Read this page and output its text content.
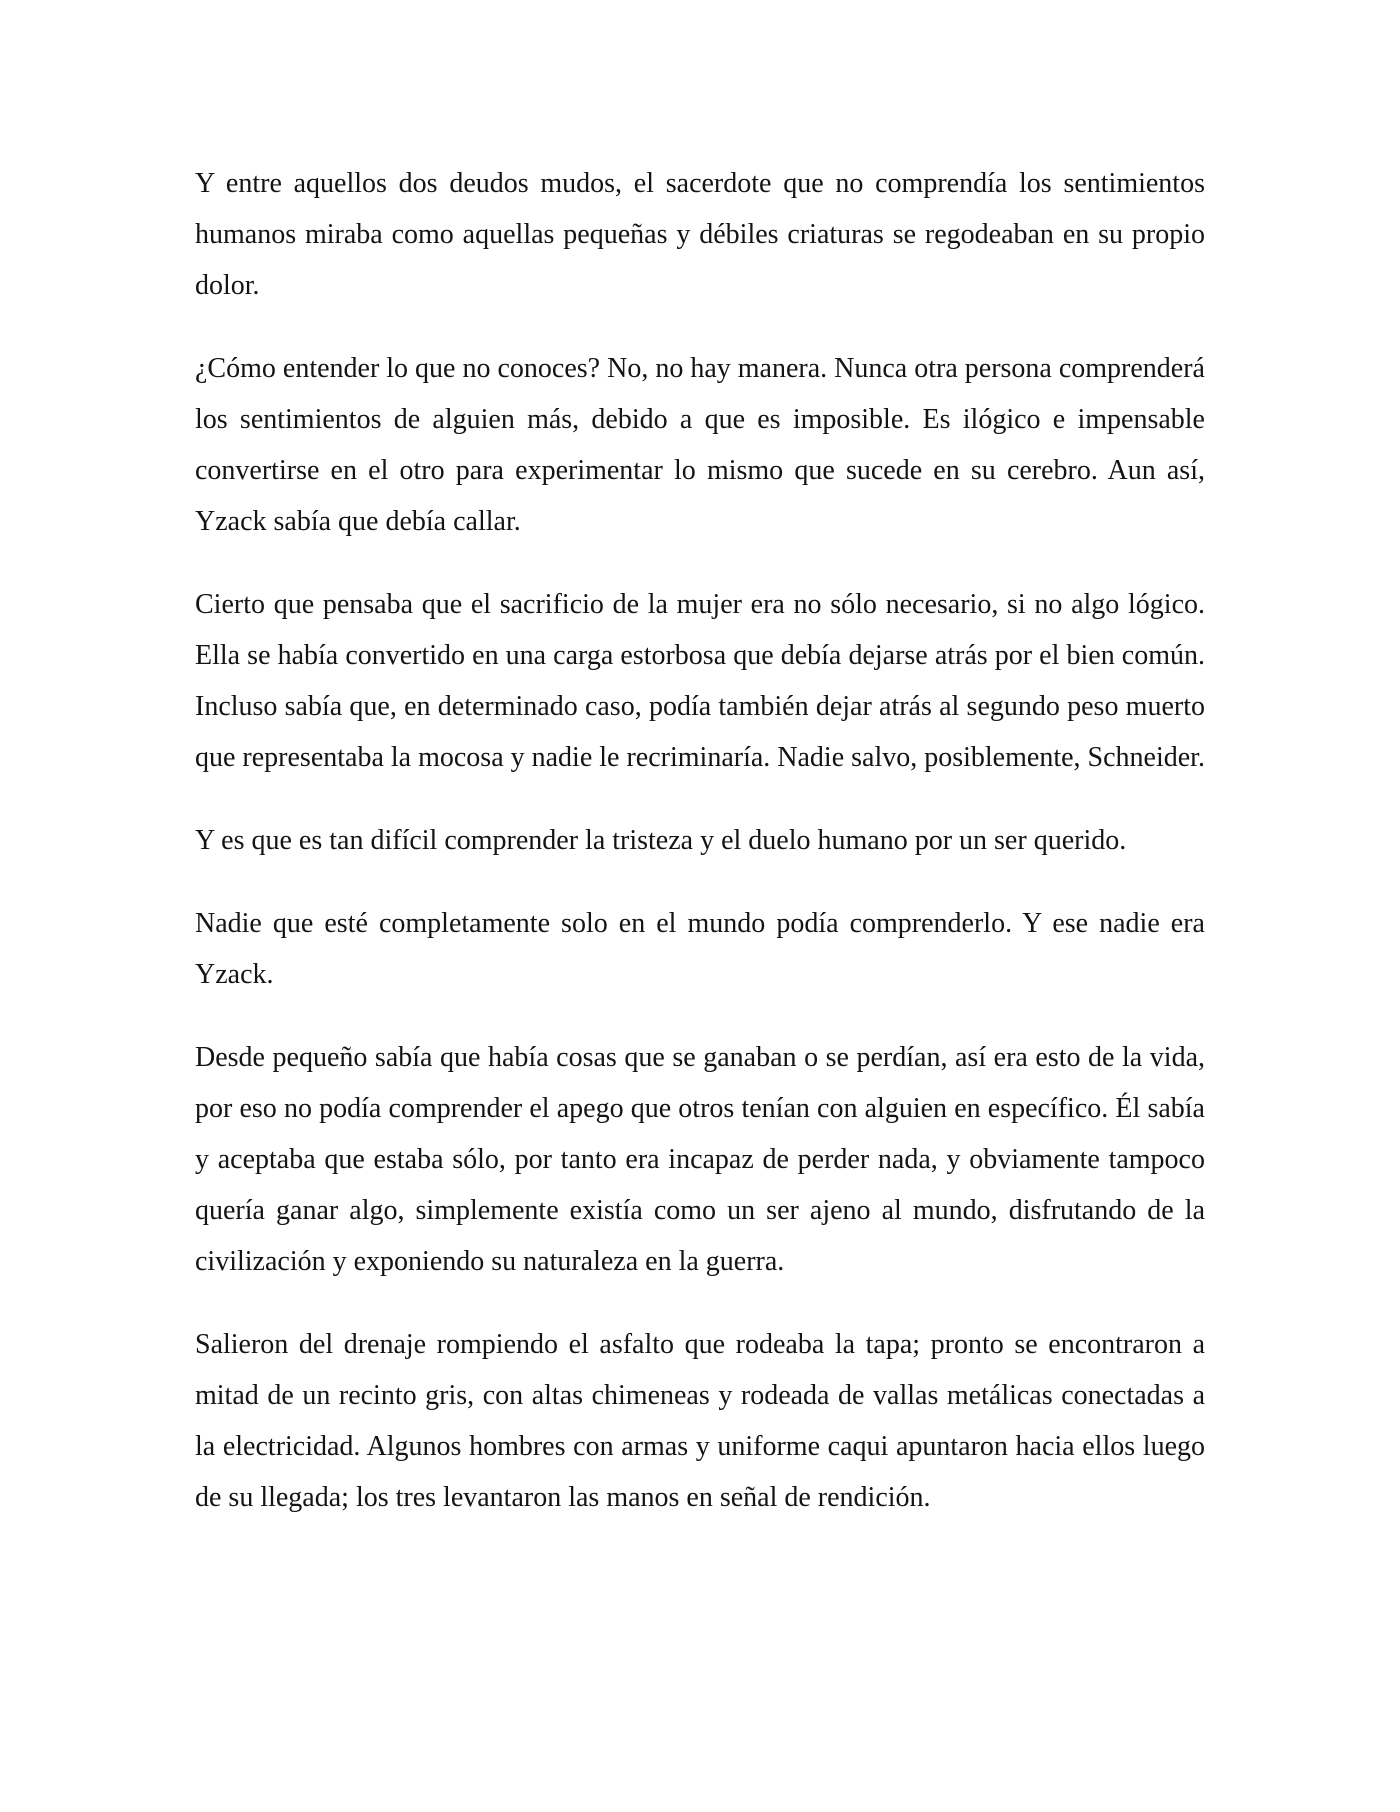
Y entre aquellos dos deudos mudos, el sacerdote que no comprendía los sentimientos humanos miraba como aquellas pequeñas y débiles criaturas se regodeaban en su propio dolor.

¿Cómo entender lo que no conoces? No, no hay manera. Nunca otra persona comprenderá los sentimientos de alguien más, debido a que es imposible. Es ilógico e impensable convertirse en el otro para experimentar lo mismo que sucede en su cerebro. Aun así, Yzack sabía que debía callar.

Cierto que pensaba que el sacrificio de la mujer era no sólo necesario, si no algo lógico. Ella se había convertido en una carga estorbosa que debía dejarse atrás por el bien común. Incluso sabía que, en determinado caso, podía también dejar atrás al segundo peso muerto que representaba la mocosa y nadie le recriminaría. Nadie salvo, posiblemente, Schneider.

Y es que es tan difícil comprender la tristeza y el duelo humano por un ser querido.

Nadie que esté completamente solo en el mundo podía comprenderlo. Y ese nadie era Yzack.

Desde pequeño sabía que había cosas que se ganaban o se perdían, así era esto de la vida, por eso no podía comprender el apego que otros tenían con alguien en específico. Él sabía y aceptaba que estaba sólo, por tanto era incapaz de perder nada, y obviamente tampoco quería ganar algo, simplemente existía como un ser ajeno al mundo, disfrutando de la civilización y exponiendo su naturaleza en la guerra.

Salieron del drenaje rompiendo el asfalto que rodeaba la tapa; pronto se encontraron a mitad de un recinto gris, con altas chimeneas y rodeada de vallas metálicas conectadas a la electricidad. Algunos hombres con armas y uniforme caqui apuntaron hacia ellos luego de su llegada; los tres levantaron las manos en señal de rendición.
